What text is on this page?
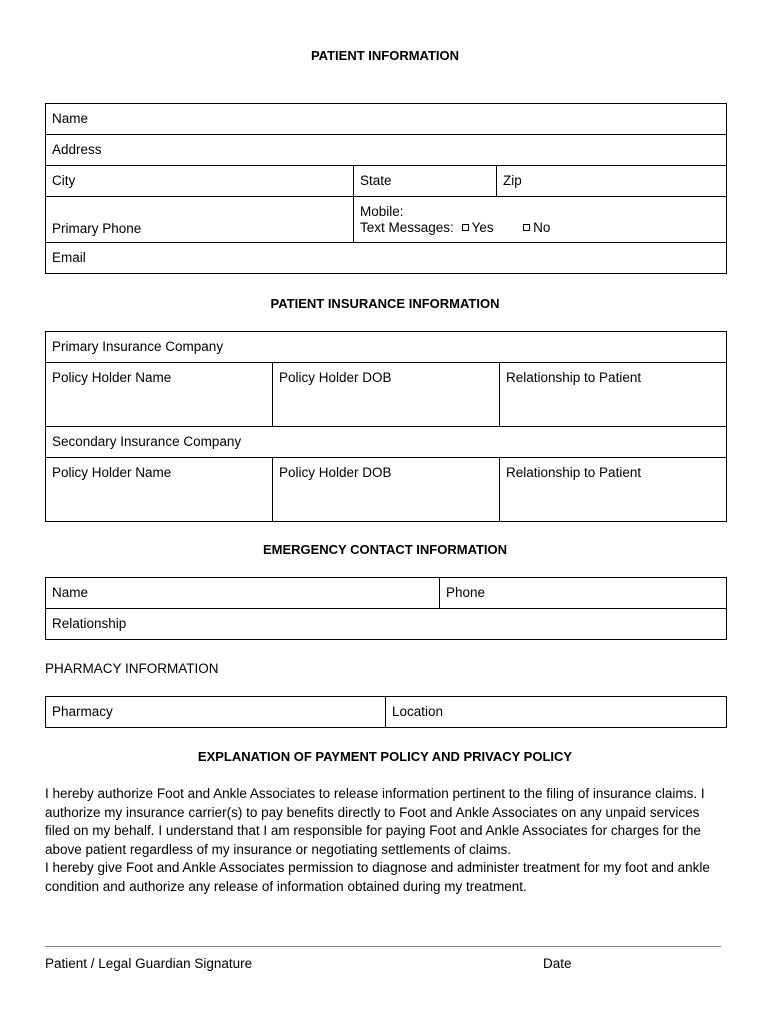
PATIENT INFORMATION
Name		

Address		

City	State	Zip

Primary Phone	Mobile:
Text Messages: Yes No	

Email		
PATIENT INSURANCE INFORMATION
Primary Insurance Company		

Policy Holder Name	Policy Holder DOB	Relationship to Patient

Secondary Insurance Company		

Policy Holder Name	Policy Holder DOB	Relationship to Patient
EMERGENCY CONTACT INFORMATION
Name	Phone

Relationship
PHARMACY INFORMATION
Pharmacy	Location
EXPLANATION OF PAYMENT POLICY AND PRIVACY POLICY

I hereby authorize Foot and Ankle Associates to release information pertinent to the filing of insurance claims. I authorize my insurance carrier(s) to pay benefits directly to Foot and Ankle Associates on any unpaid services filed on my behalf. I understand that I am responsible for paying Foot and Ankle Associates for charges for the above patient regardless of my insurance or negotiating settlements of claims.

I hereby give Foot and Ankle Associates permission to diagnose and administer treatment for my foot and ankle condition and authorize any release of information obtained during my treatment.

Patient / Legal Guardian Signature	Date
